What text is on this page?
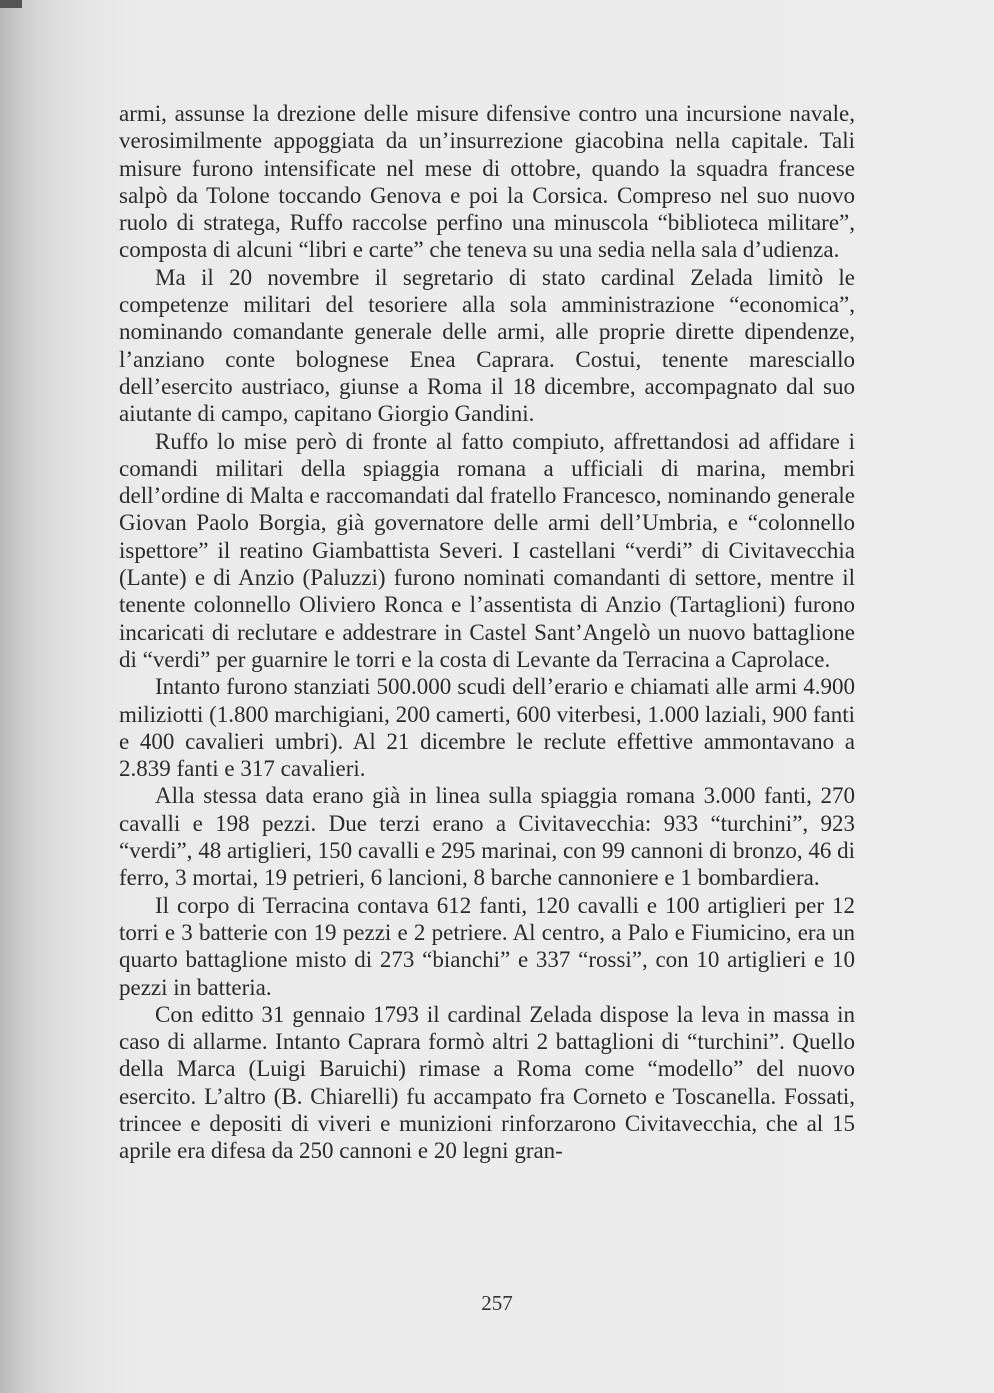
armi, assunse la drezione delle misure difensive contro una incursione navale, verosimilmente appoggiata da un’insurrezione giacobina nella capitale. Tali misure furono intensificate nel mese di ottobre, quando la squadra francese salpò da Tolone toccando Genova e poi la Corsica. Compreso nel suo nuovo ruolo di stratega, Ruffo raccolse perfino una minuscola “biblioteca militare”, composta di alcuni “libri e carte” che teneva su una sedia nella sala d’udienza.

Ma il 20 novembre il segretario di stato cardinal Zelada limitò le competenze militari del tesoriere alla sola amministrazione “economica”, nominando comandante generale delle armi, alle proprie dirette dipendenze, l’anziano conte bolognese Enea Caprara. Costui, tenente maresciallo dell’esercito austriaco, giunse a Roma il 18 dicembre, accompagnato dal suo aiutante di campo, capitano Giorgio Gandini.

Ruffo lo mise però di fronte al fatto compiuto, affrettandosi ad affidare i comandi militari della spiaggia romana a ufficiali di marina, membri dell’ordine di Malta e raccomandati dal fratello Francesco, nominando generale Giovan Paolo Borgia, già governatore delle armi dell’Umbria, e “colonnello ispettore” il reatino Giambattista Severi. I castellani “verdi” di Civitavecchia (Lante) e di Anzio (Paluzzi) furono nominati comandanti di settore, mentre il tenente colonnello Oliviero Ronca e l’assentista di Anzio (Tartaglioni) furono incaricati di reclutare e addestrare in Castel Sant’Angelò un nuovo battaglione di “verdi” per guarnire le torri e la costa di Levante da Terracina a Caprolace.

Intanto furono stanziati 500.000 scudi dell’erario e chiamati alle armi 4.900 miliziotti (1.800 marchigiani, 200 camerti, 600 viterbesi, 1.000 laziali, 900 fanti e 400 cavalieri umbri). Al 21 dicembre le reclute effettive ammontavano a 2.839 fanti e 317 cavalieri.

Alla stessa data erano già in linea sulla spiaggia romana 3.000 fanti, 270 cavalli e 198 pezzi. Due terzi erano a Civitavecchia: 933 “turchini”, 923 “verdi”, 48 artiglieri, 150 cavalli e 295 marinai, con 99 cannoni di bronzo, 46 di ferro, 3 mortai, 19 petrieri, 6 lancioni, 8 barche cannoniere e 1 bombardiera.

Il corpo di Terracina contava 612 fanti, 120 cavalli e 100 artiglieri per 12 torri e 3 batterie con 19 pezzi e 2 petriere. Al centro, a Palo e Fiumicino, era un quarto battaglione misto di 273 “bianchi” e 337 “rossi”, con 10 artiglieri e 10 pezzi in batteria.

Con editto 31 gennaio 1793 il cardinal Zelada dispose la leva in massa in caso di allarme. Intanto Caprara formò altri 2 battaglioni di “turchini”. Quello della Marca (Luigi Baruichi) rimase a Roma come “modello” del nuovo esercito. L’altro (B. Chiarelli) fu accampato fra Corneto e Toscanella. Fossati, trincee e depositi di viveri e munizioni rinforzarono Civitavecchia, che al 15 aprile era difesa da 250 cannoni e 20 legni gran-

257
